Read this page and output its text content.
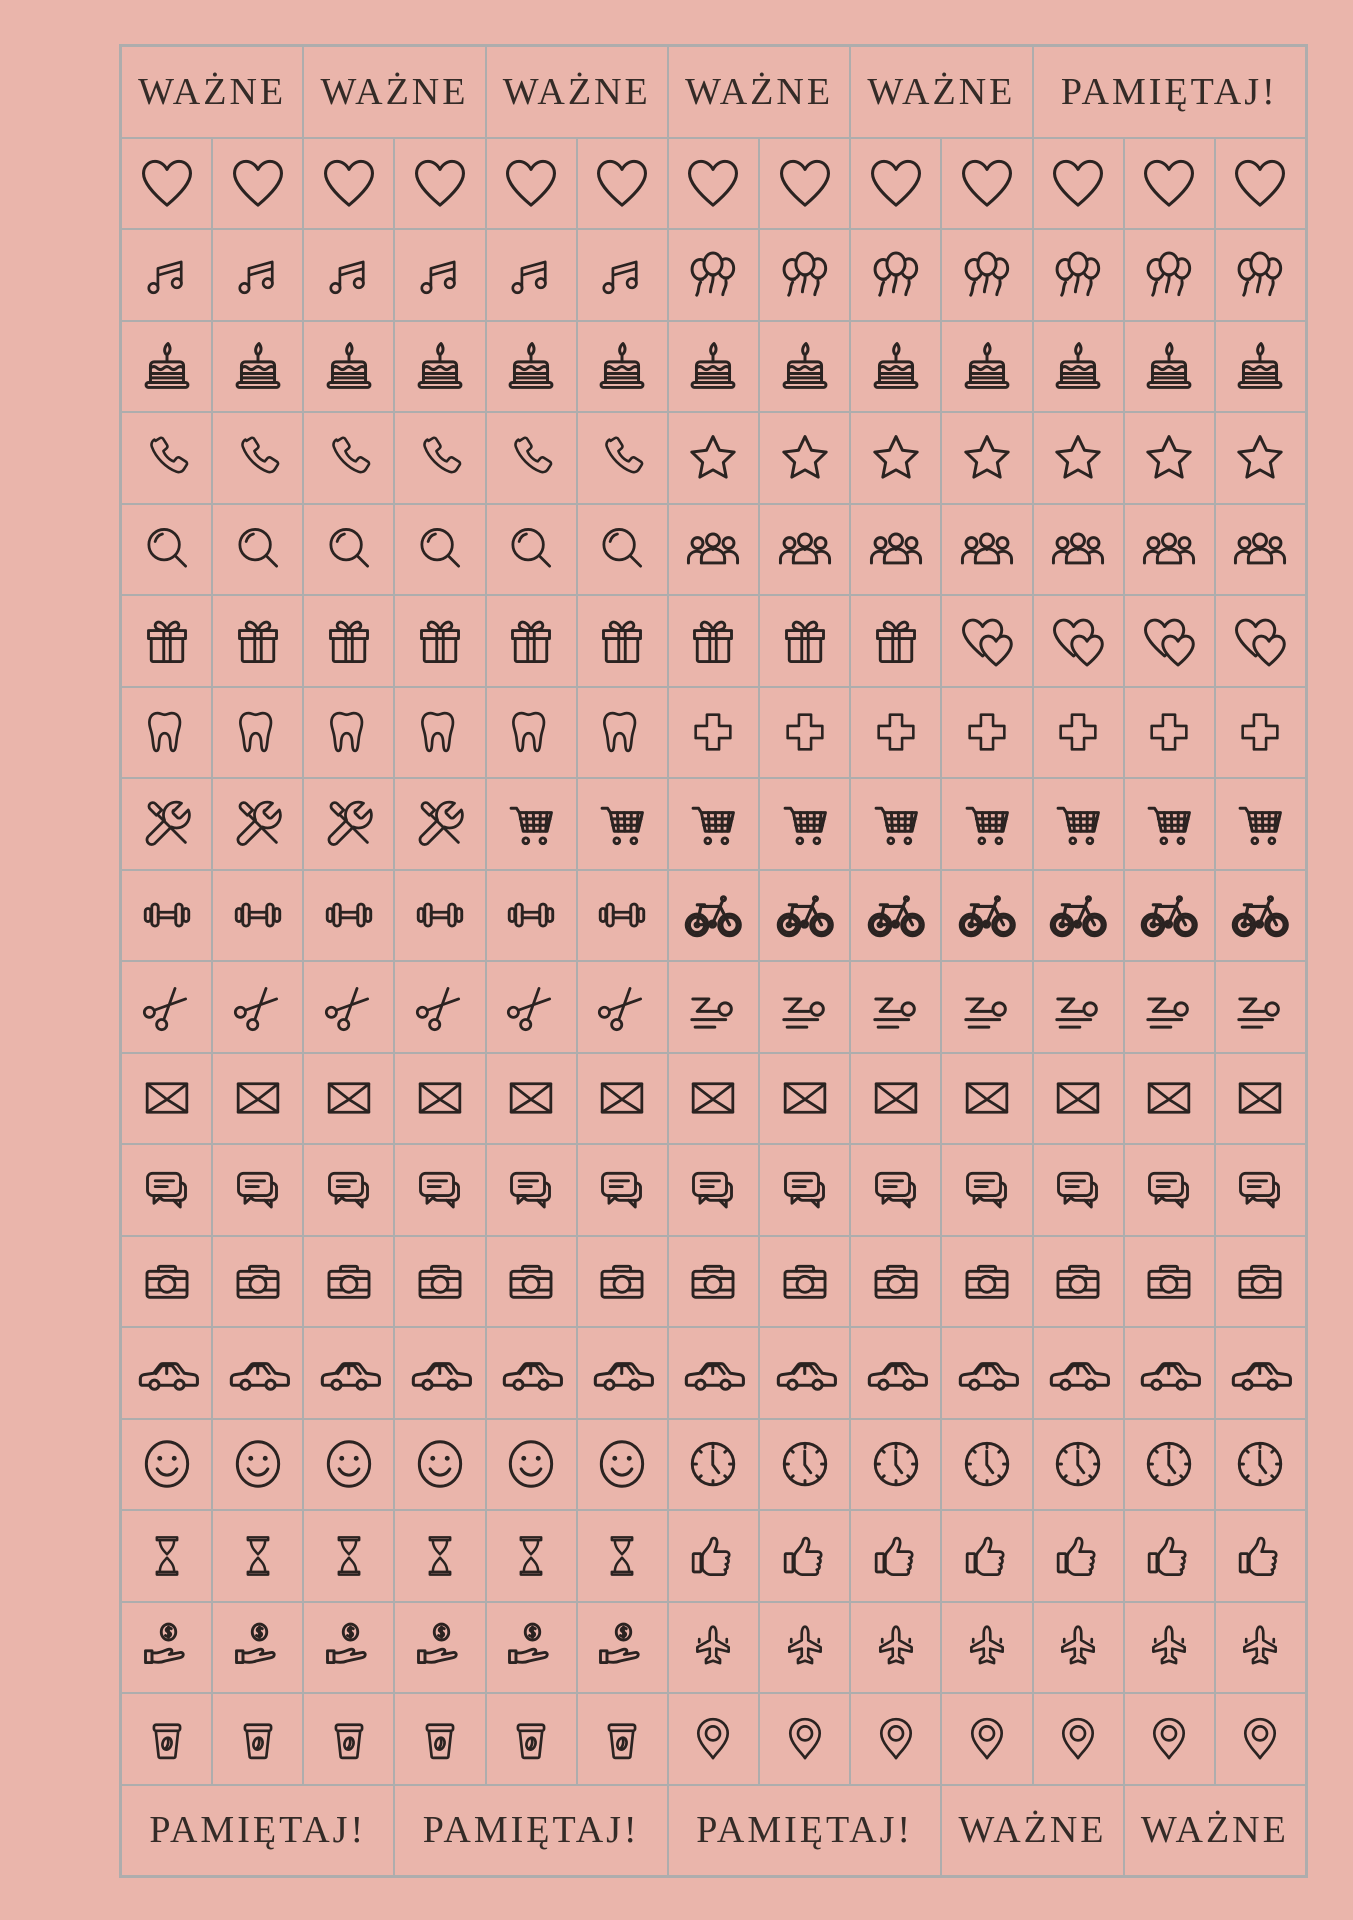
WAŻNE WAŻNE WAŻNE WAŻNE WAŻNE PAMIĘTAJ!
PAMIĘTAJ! PAMIĘTAJ! PAMIĘTAJ! WAŻNE WAŻNE
